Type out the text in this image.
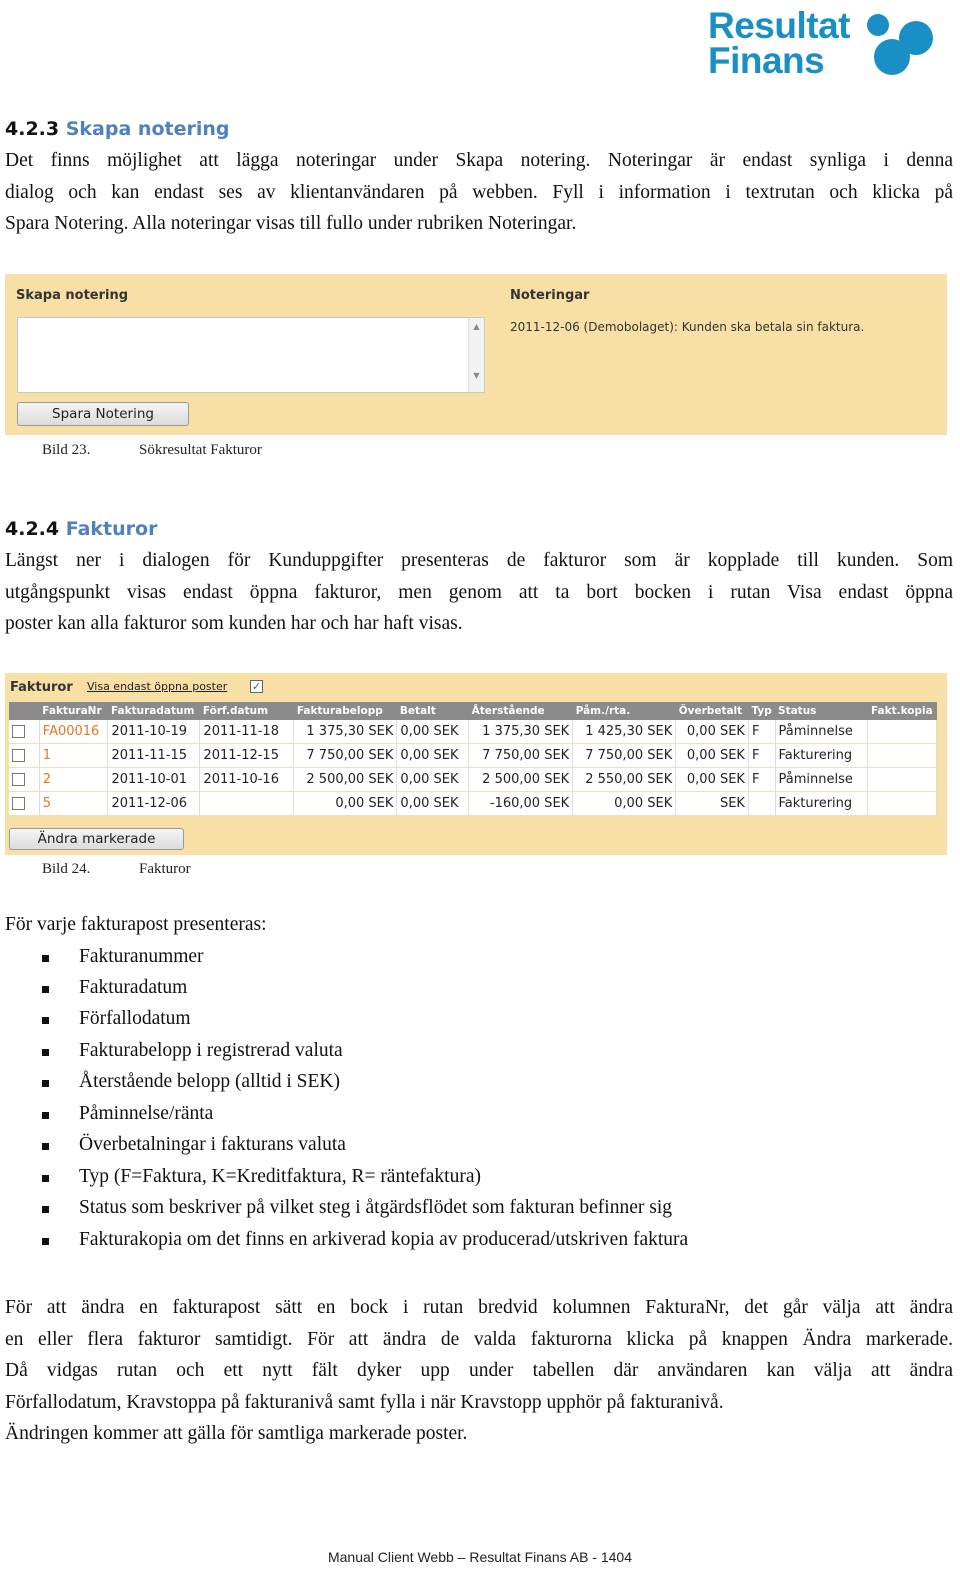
Resultat
Finans
4.2.3 Skapa notering
Det finns möjlighet att lägga noteringar under Skapa notering. Noteringar är endast synliga i denna
dialog och kan endast ses av klientanvändaren på webben. Fyll i information i textrutan och klicka på
Spara Notering. Alla noteringar visas till fullo under rubriken Noteringar.
Skapa notering
▲
▼
Spara Notering
Noteringar
2011-12-06 (Demobolaget): Kunden ska betala sin faktura.
Bild 23.	Sökresultat Fakturor
4.2.4 Fakturor
Längst ner i dialogen för Kunduppgifter presenteras de fakturor som är kopplade till kunden. Som
utgångspunkt visas endast öppna fakturor, men genom att ta bort bocken i rutan Visa endast öppna
poster kan alla fakturor som kunden har och har haft visas.
Fakturor Visa endast öppna poster ✓
	FakturaNr	Fakturadatum	Förf.datum	Fakturabelopp	Betalt	Återstående	Påm./rta.	Överbetalt	Typ	Status	Fakt.kopia
	FA00016	2011-10-19	2011-11-18	1 375,30 SEK	0,00 SEK	1 375,30 SEK	1 425,30 SEK	0,00 SEK	F	Påminnelse	
	1	2011-11-15	2011-12-15	7 750,00 SEK	0,00 SEK	7 750,00 SEK	7 750,00 SEK	0,00 SEK	F	Fakturering	
	2	2011-10-01	2011-10-16	2 500,00 SEK	0,00 SEK	2 500,00 SEK	2 550,00 SEK	0,00 SEK	F	Påminnelse	
	5	2011-12-06		0,00 SEK	0,00 SEK	-160,00 SEK	0,00 SEK	SEK		Fakturering	
Ändra markerade
Bild 24.	Fakturor
För varje fakturapost presenteras:
Fakturanummer
Fakturadatum
Förfallodatum
Fakturabelopp i registrerad valuta
Återstående belopp (alltid i SEK)
Påminnelse/ränta
Överbetalningar i fakturans valuta
Typ (F=Faktura, K=Kreditfaktura, R= räntefaktura)
Status som beskriver på vilket steg i åtgärdsflödet som fakturan befinner sig
Fakturakopia om det finns en arkiverad kopia av producerad/utskriven faktura
För att ändra en fakturapost sätt en bock i rutan bredvid kolumnen FakturaNr, det går välja att ändra
en eller flera fakturor samtidigt. För att ändra de valda fakturorna klicka på knappen Ändra markerade.
Då vidgas rutan och ett nytt fält dyker upp under tabellen där användaren kan välja att ändra
Förfallodatum, Kravstoppa på fakturanivå samt fylla i när Kravstopp upphör på fakturanivå.
Ändringen kommer att gälla för samtliga markerade poster.
Manual Client Webb – Resultat Finans AB - 1404
